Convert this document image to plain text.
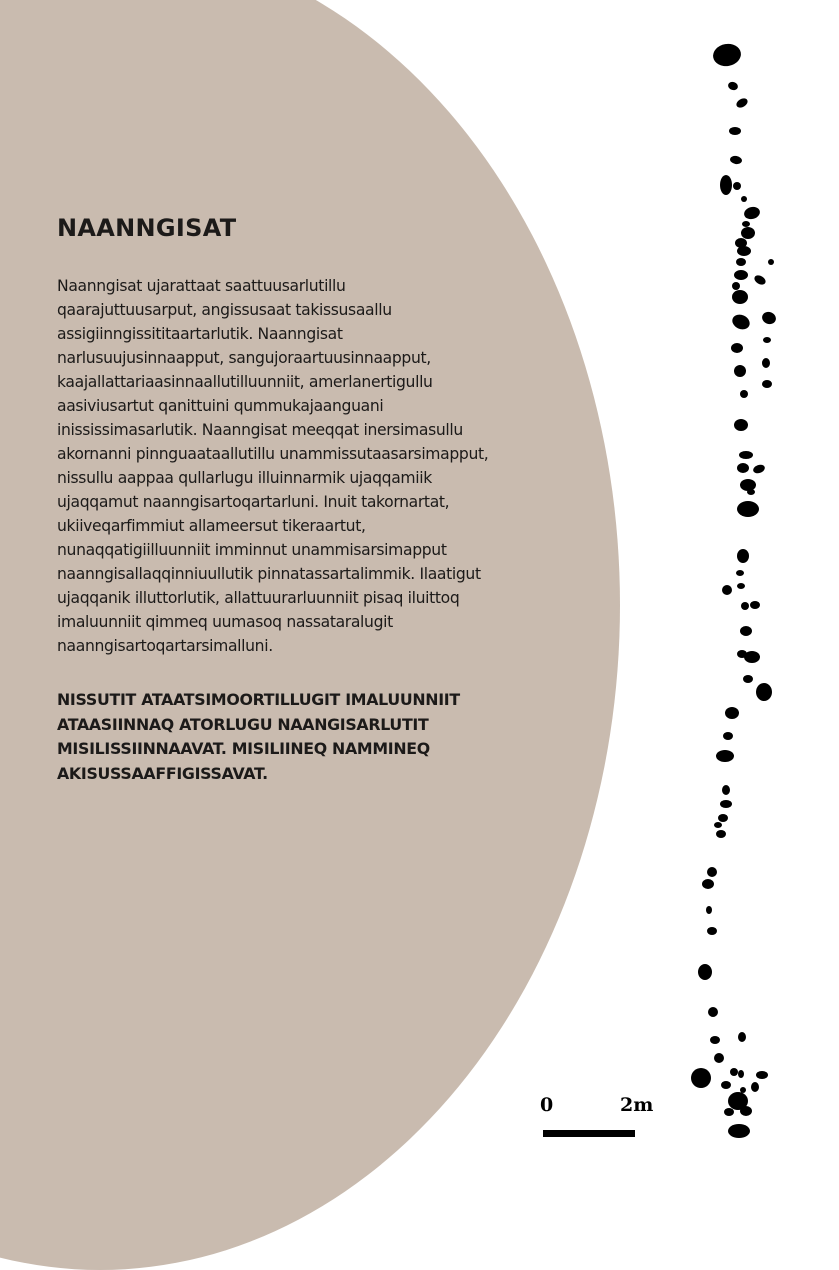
NAANNGISAT

Naanngisat ujarattaat saattuusarlutillu
qaarajuttuusarput, angissusaat takissusaallu
assigiinngissititaartarlutik. Naanngisat
narlusuujusinnaapput, sangujoraartuusinnaapput,
kaajallattariaasinnaallutilluunniit, amerlanertigullu
aasiviusartut qanittuini qummukajaanguani
inississimasarlutik. Naanngisat meeqqat inersimasullu
akornanni pinnguaataallutillu unammissutaasarsimapput,
nissullu aappaa qullarlugu illuinnarmik ujaqqamiik
ujaqqamut naanngisartoqartarluni. Inuit takornartat,
ukiiveqarfimmiut allameersut tikeraartut,
nunaqqatigiilluunniit imminnut unammisarsimapput
naanngisallaqqinniuullutik pinnatassartalimmik. Ilaatigut
ujaqqanik illuttorlutik, allattuurarluunniit pisaq iluittoq
imaluunniit qimmeq uumasoq nassataralugit
naanngisartoqartarsimalluni.

NISSUTIT ATAATSIMOORTILLUGIT IMALUUNNIIT
ATAASIINNAQ ATORLUGU NAANGISARLUTIT
MISILISSIINNAAVAT. MISILIINEQ NAMMINEQ
AKISUSSAAFFIGISSAVAT.

0	2m
